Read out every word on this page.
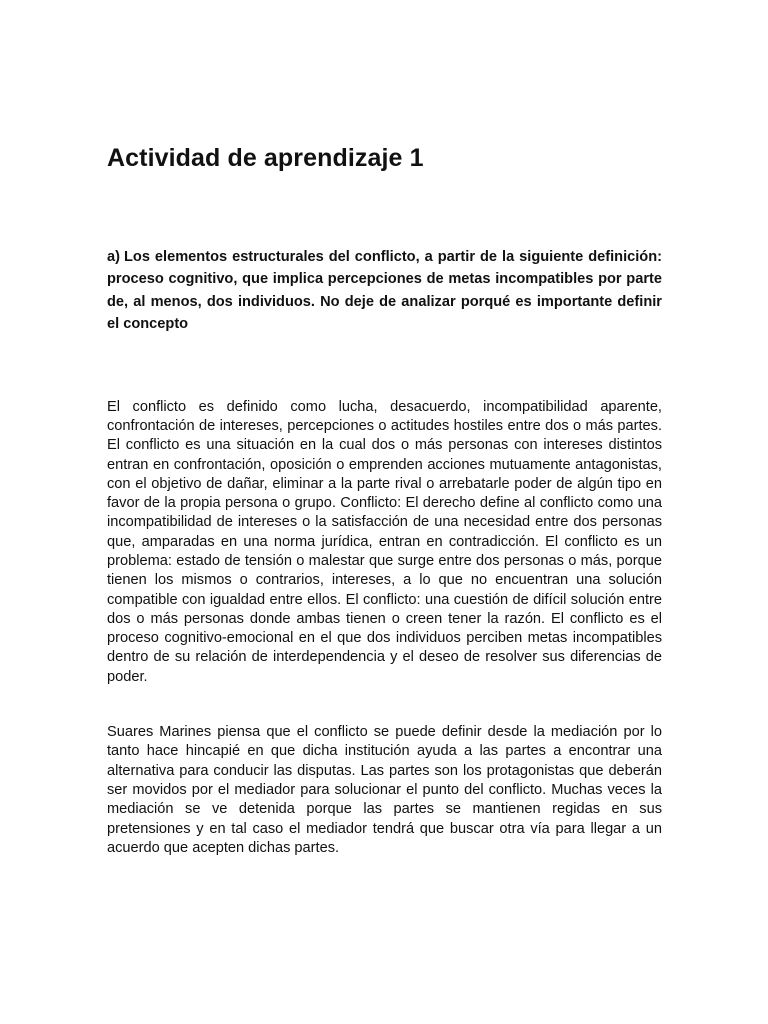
Actividad de aprendizaje 1

a) Los elementos estructurales del conflicto, a partir de la siguiente definición: proceso cognitivo, que implica percepciones de metas incompatibles por parte de, al menos, dos individuos. No deje de analizar porqué es importante definir el concepto

El conflicto es definido como lucha, desacuerdo, incompatibilidad aparente, confrontación de intereses, percepciones o actitudes hostiles entre dos o más partes. El conflicto es una situación en la cual dos o más personas con intereses distintos entran en confrontación, oposición o emprenden acciones mutuamente antagonistas, con el objetivo de dañar, eliminar a la parte rival o arrebatarle poder de algún tipo en favor de la propia persona o grupo. Conflicto: El derecho define al conflicto como una incompatibilidad de intereses o la satisfacción de una necesidad entre dos personas que, amparadas en una norma jurídica, entran en contradicción. El conflicto es un problema: estado de tensión o malestar que surge entre dos personas o más, porque tienen los mismos o contrarios, intereses, a lo que no encuentran una solución compatible con igualdad entre ellos. El conflicto: una cuestión de difícil solución entre dos o más personas donde ambas tienen o creen tener la razón. El conflicto es el proceso cognitivo-emocional en el que dos individuos perciben metas incompatibles dentro de su relación de interdependencia y el deseo de resolver sus diferencias de poder.

Suares Marines piensa que el conflicto se puede definir desde la mediación por lo tanto hace hincapié en que dicha institución ayuda a las partes a encontrar una alternativa para conducir las disputas. Las partes son los protagonistas que deberán ser movidos por el mediador para solucionar el punto del conflicto. Muchas veces la mediación se ve detenida porque las partes se mantienen regidas en sus pretensiones y en tal caso el mediador tendrá que buscar otra vía para llegar a un acuerdo que acepten dichas partes.
